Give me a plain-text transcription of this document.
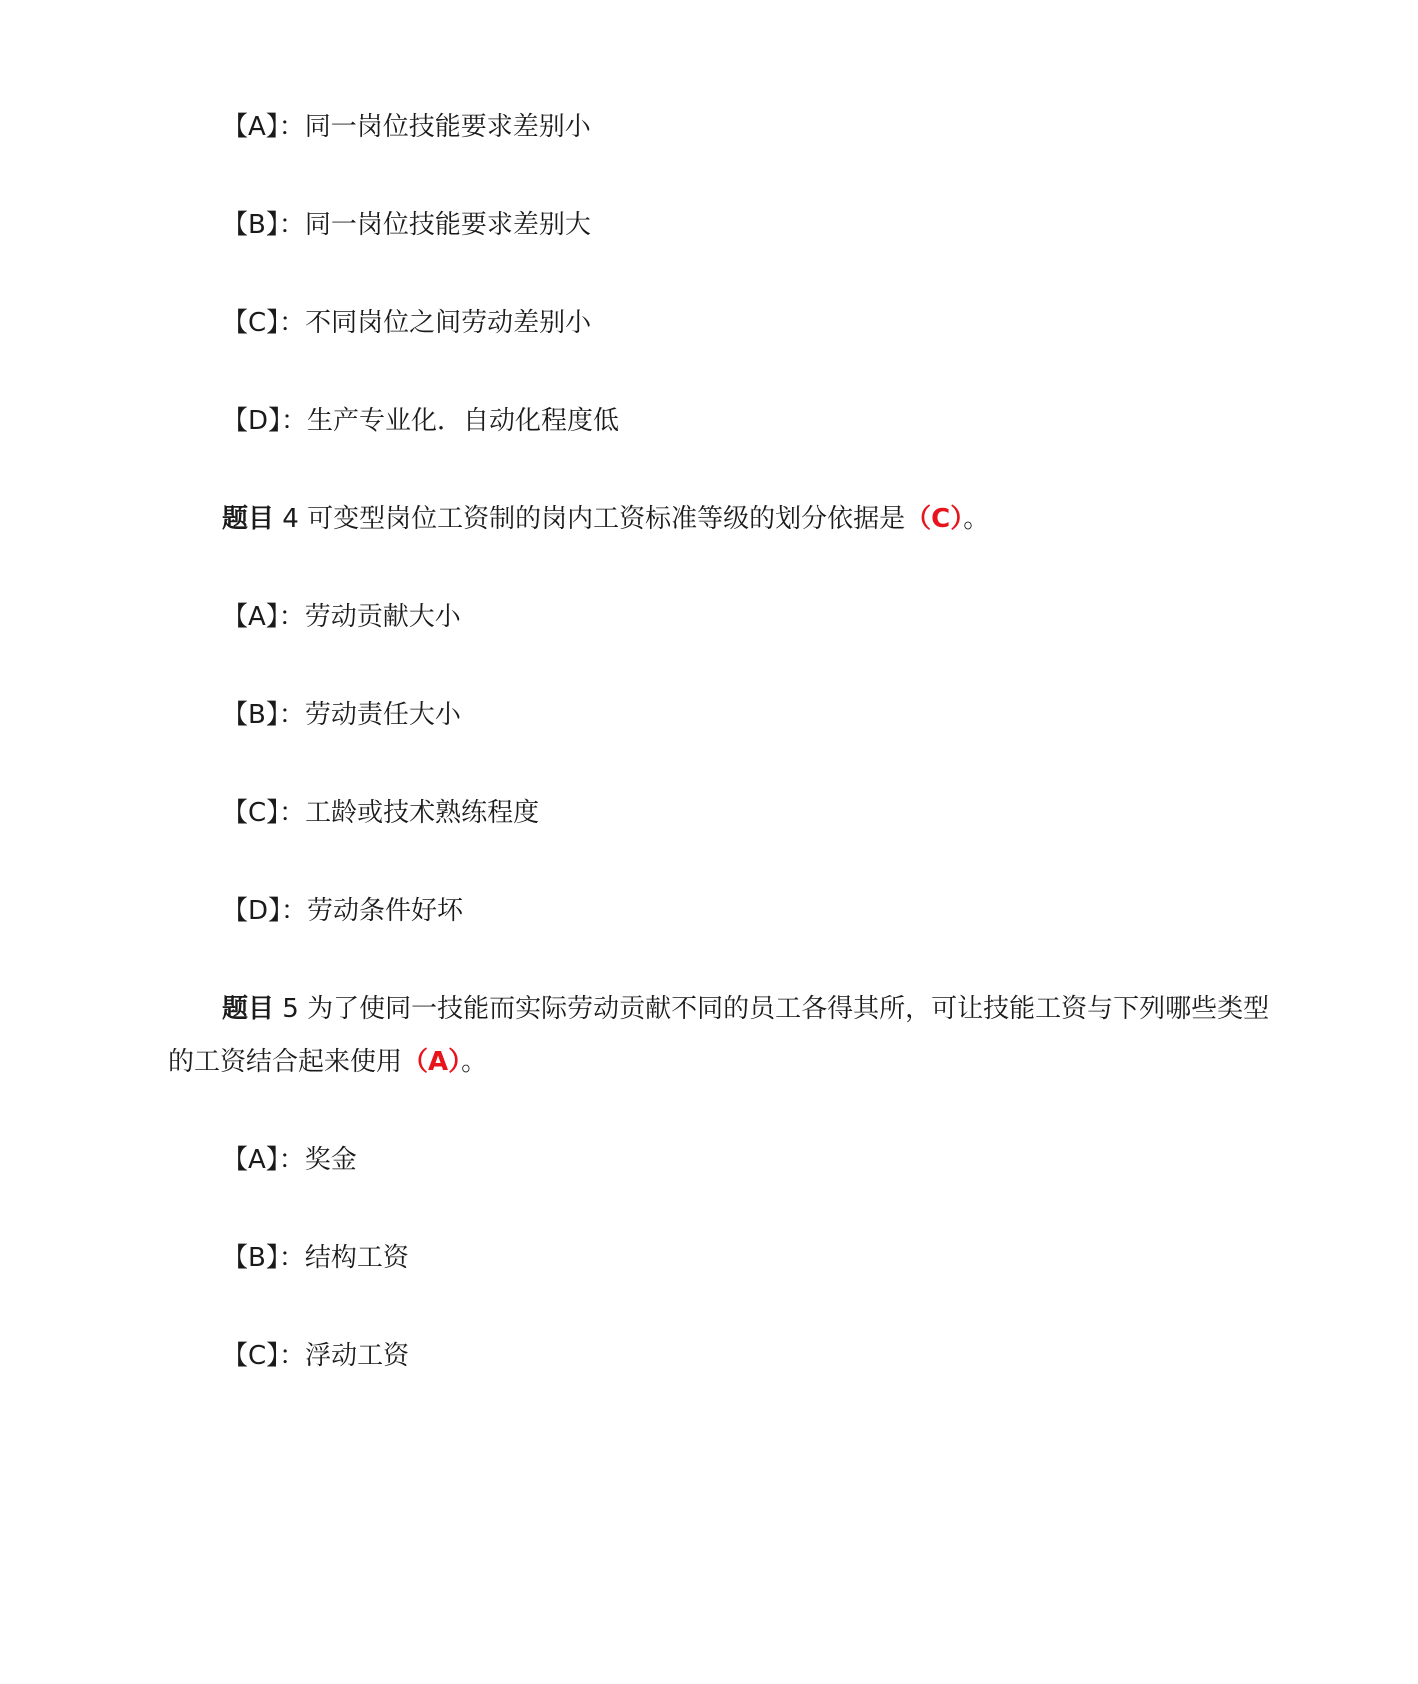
【A】：同一岗位技能要求差别小
【B】：同一岗位技能要求差别大
【C】：不同岗位之间劳动差别小
【D】：生产专业化．自动化程度低
题目 4 可变型岗位工资制的岗内工资标准等级的划分依据是（C）。
【A】：劳动贡献大小
【B】：劳动责任大小
【C】：工龄或技术熟练程度
【D】：劳动条件好坏
题目 5 为了使同一技能而实际劳动贡献不同的员工各得其所，可让技能工资与下列哪些类型
的工资结合起来使用（A）。
【A】：奖金
【B】：结构工资
【C】：浮动工资
